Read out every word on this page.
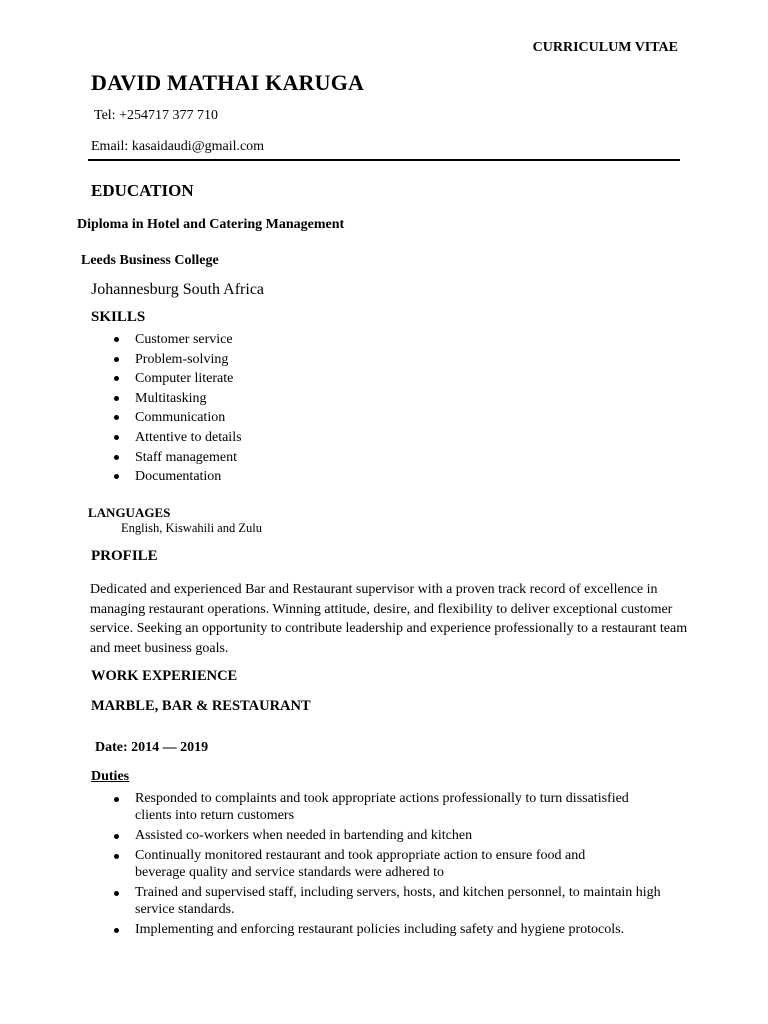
CURRICULUM VITAE
DAVID MATHAI KARUGA
Tel: +254717 377 710
Email: kasaidaudi@gmail.com
EDUCATION
Diploma in Hotel and Catering Management
Leeds Business College
Johannesburg South Africa
SKILLS
Customer service
Problem-solving
Computer literate
Multitasking
Communication
Attentive to details
Staff management
Documentation
LANGUAGES
English, Kiswahili and Zulu
PROFILE
Dedicated and experienced Bar and Restaurant supervisor with a proven track record of excellence in managing restaurant operations. Winning attitude, desire, and flexibility to deliver exceptional customer service. Seeking an opportunity to contribute leadership and experience professionally to a restaurant team and meet business goals.
WORK EXPERIENCE
MARBLE, BAR & RESTAURANT
Date: 2014 — 2019
Duties
Responded to complaints and took appropriate actions professionally to turn dissatisfied clients into return customers
Assisted co-workers when needed in bartending and kitchen
Continually monitored restaurant and took appropriate action to ensure food and beverage quality and service standards were adhered to
Trained and supervised staff, including servers, hosts, and kitchen personnel, to maintain high service standards.
Implementing and enforcing restaurant policies including safety and hygiene protocols.
